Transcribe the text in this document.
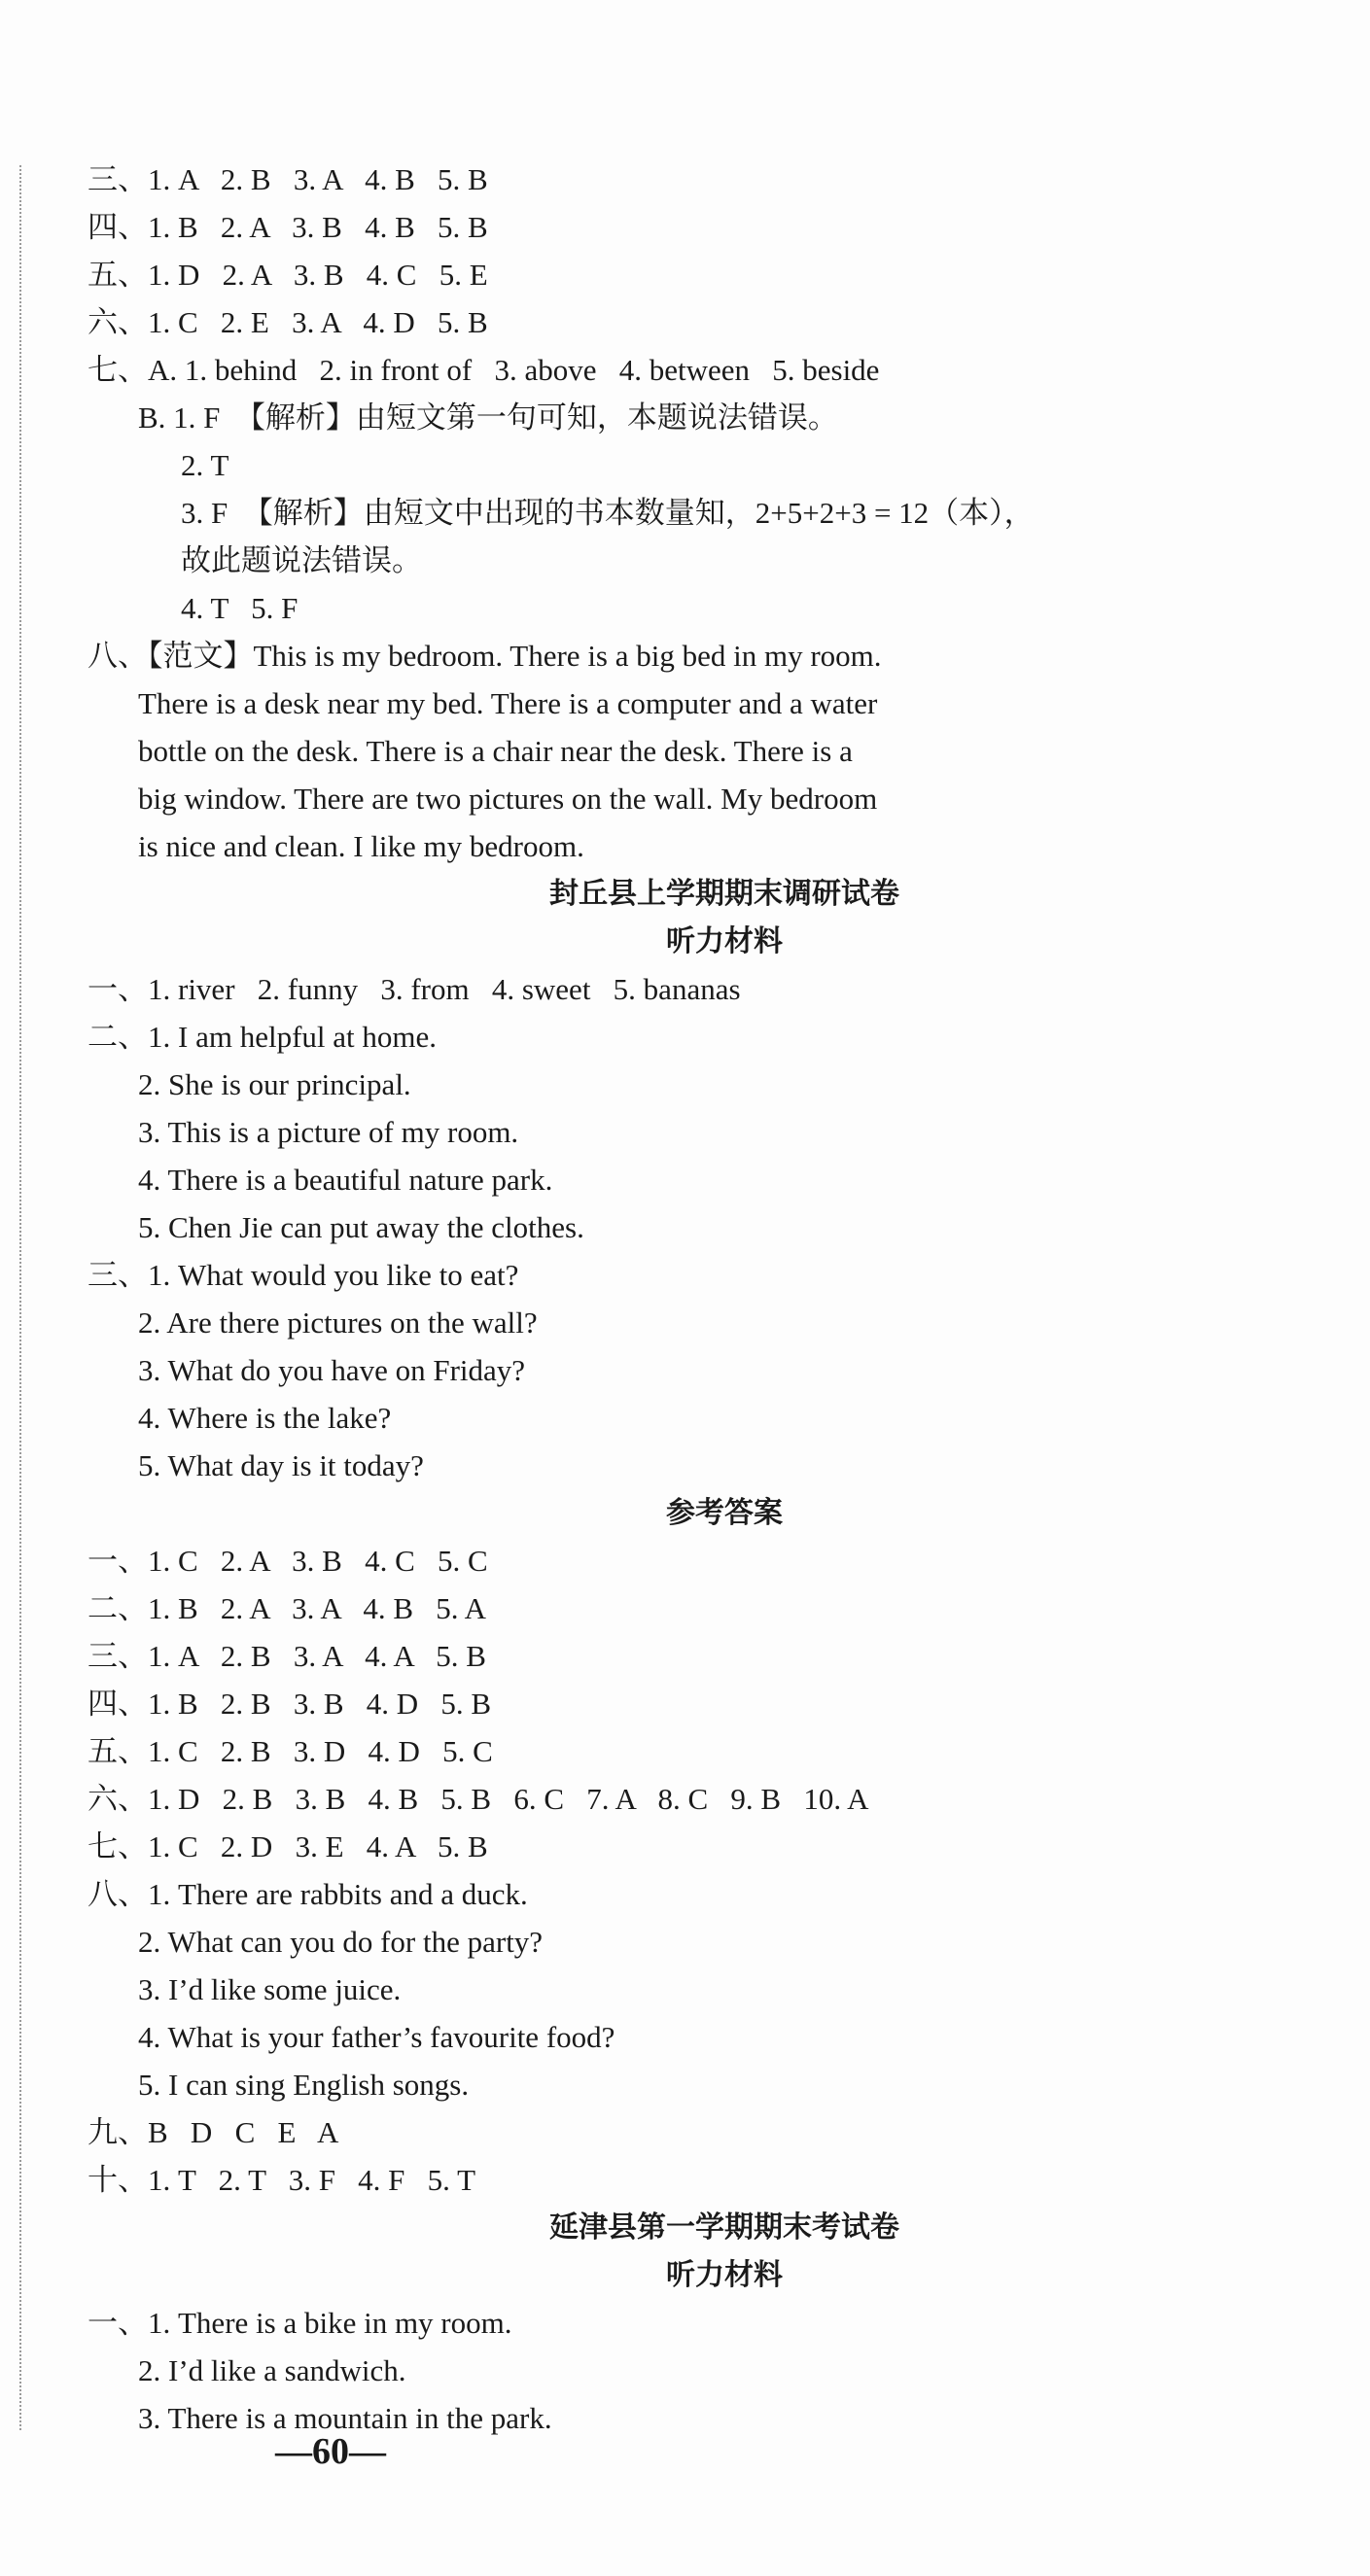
三、1. A   2. B   3. A   4. B   5. B
四、1. B   2. A   3. B   4. B   5. B
五、1. D   2. A   3. B   4. C   5. E
六、1. C   2. E   3. A   4. D   5. B
七、A. 1. behind   2. in front of   3. above   4. between   5. beside
B. 1. F  【解析】由短文第一句可知，本题说法错误。
2. T
3. F  【解析】由短文中出现的书本数量知，2+5+2+3 = 12（本），
故此题说法错误。
4. T   5. F
八、【范文】This is my bedroom. There is a big bed in my room.
There is a desk near my bed. There is a computer and a water
bottle on the desk. There is a chair near the desk. There is a
big window. There are two pictures on the wall. My bedroom
is nice and clean. I like my bedroom.
封丘县上学期期末调研试卷
听力材料
一、1. river   2. funny   3. from   4. sweet   5. bananas
二、1. I am helpful at home.
2. She is our principal.
3. This is a picture of my room.
4. There is a beautiful nature park.
5. Chen Jie can put away the clothes.
三、1. What would you like to eat?
2. Are there pictures on the wall?
3. What do you have on Friday?
4. Where is the lake?
5. What day is it today?
参考答案
一、1. C   2. A   3. B   4. C   5. C
二、1. B   2. A   3. A   4. B   5. A
三、1. A   2. B   3. A   4. A   5. B
四、1. B   2. B   3. B   4. D   5. B
五、1. C   2. B   3. D   4. D   5. C
六、1. D   2. B   3. B   4. B   5. B   6. C   7. A   8. C   9. B   10. A
七、1. C   2. D   3. E   4. A   5. B
八、1. There are rabbits and a duck.
2. What can you do for the party?
3. I’d like some juice.
4. What is your father’s favourite food?
5. I can sing English songs.
九、B   D   C   E   A
十、1. T   2. T   3. F   4. F   5. T
延津县第一学期期末考试卷
听力材料
一、1. There is a bike in my room.
2. I’d like a sandwich.
3. There is a mountain in the park.
—60—
